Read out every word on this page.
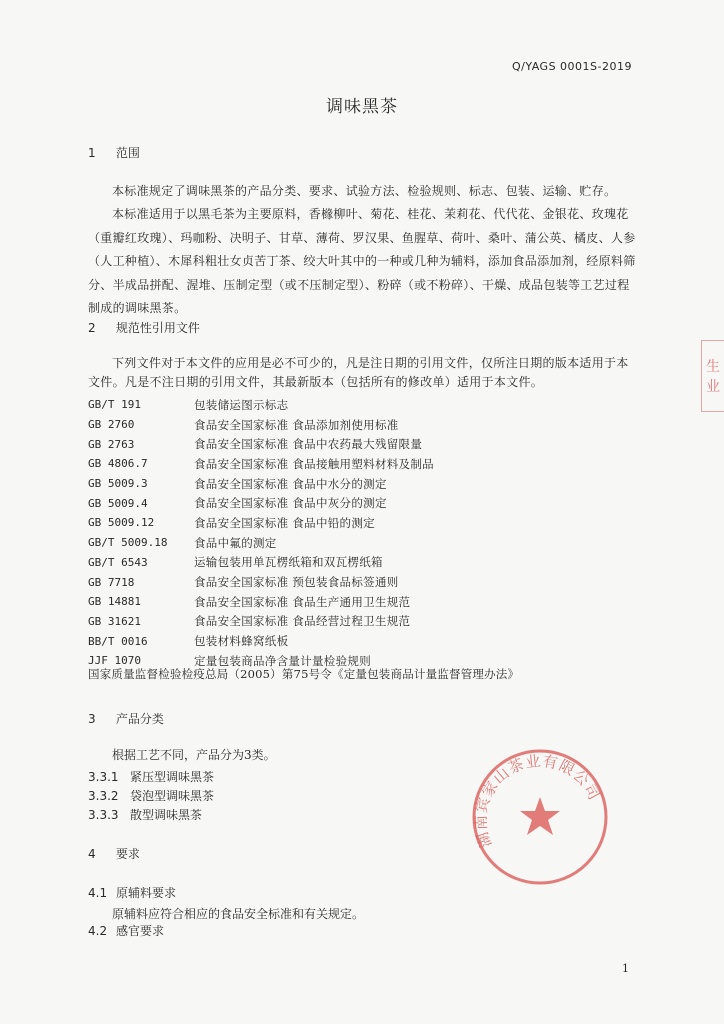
Q/YAGS 0001S-2019
调味黑茶
1 范围
本标准规定了调味黑茶的产品分类、要求、试验方法、检验规则、标志、包装、运输、贮存。
本标准适用于以黑毛茶为主要原料，香橼柳叶、菊花、桂花、茉莉花、代代花、金银花、玫瑰花（重瓣红玫瑰）、玛咖粉、决明子、甘草、薄荷、罗汉果、鱼腥草、荷叶、桑叶、蒲公英、橘皮、人参（人工种植）、木犀科粗壮女贞苦丁茶、绞大叶其中的一种或几种为辅料，添加食品添加剂，经原料筛分、半成品拼配、渥堆、压制定型（或不压制定型）、粉碎（或不粉碎）、干燥、成品包装等工艺过程制成的调味黑茶。
2 规范性引用文件
下列文件对于本文件的应用是必不可少的，凡是注日期的引用文件，仅所注日期的版本适用于本文件。凡是不注日期的引用文件，其最新版本（包括所有的修改单）适用于本文件。
GB/T 191	包装储运图示标志
GB 2760	食品安全国家标准 食品添加剂使用标准
GB 2763	食品安全国家标准 食品中农药最大残留限量
GB 4806.7	食品安全国家标准 食品接触用塑料材料及制品
GB 5009.3	食品安全国家标准 食品中水分的测定
GB 5009.4	食品安全国家标准 食品中灰分的测定
GB 5009.12	食品安全国家标准 食品中铅的测定
GB/T 5009.18	食品中氟的测定
GB/T 6543	运输包装用单瓦楞纸箱和双瓦楞纸箱
GB 7718	食品安全国家标准 预包装食品标签通则
GB 14881	食品安全国家标准 食品生产通用卫生规范
GB 31621	食品安全国家标准 食品经营过程卫生规范
BB/T 0016	包装材料蜂窝纸板
JJF 1070	定量包装商品净含量计量检验规则
国家质量监督检验检疫总局（2005）第75号令《定量包装商品计量监督管理办法》
3 产品分类
根据工艺不同，产品分为3类。
3.3.1 紧压型调味黑茶
3.3.2 袋泡型调味黑茶
3.3.3 散型调味黑茶
4 要求
4.1 原辅料要求
原辅料应符合相应的食品安全标准和有关规定。
4.2 感官要求
湖南宾家山茶业有限公司
生
业
1
